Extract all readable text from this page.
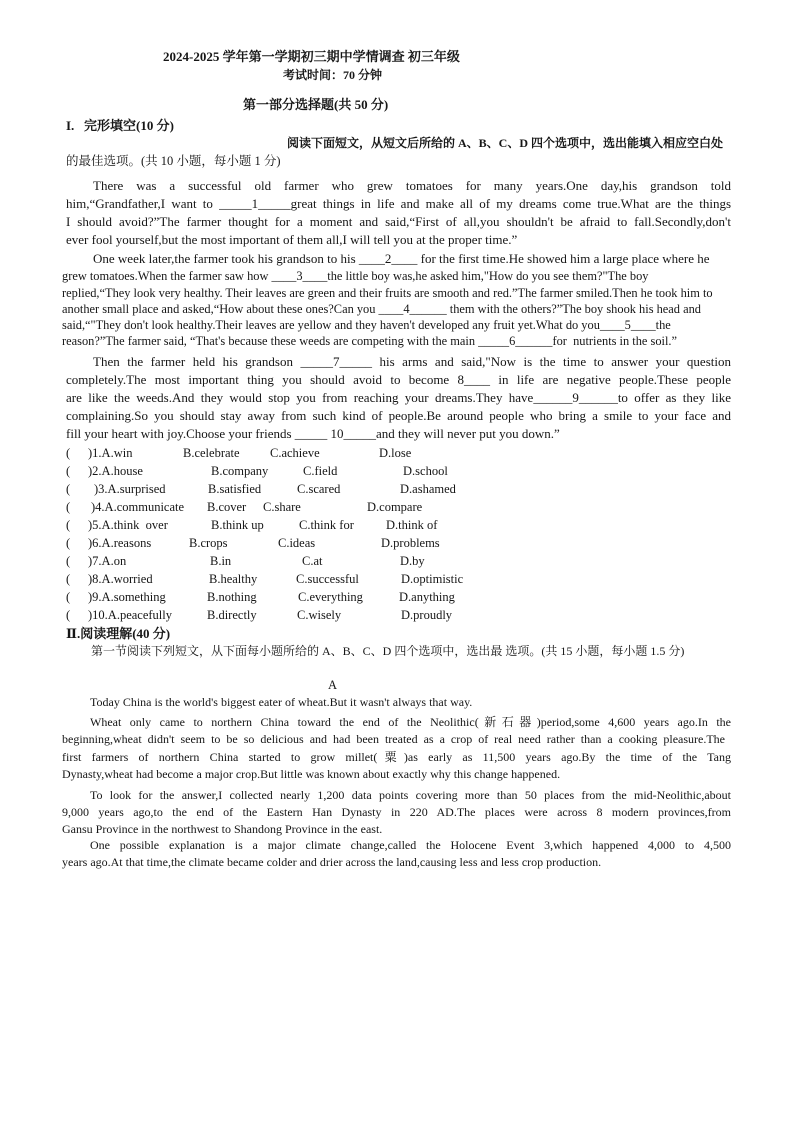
2024-2025 学年第一学期初三期中学情调查 初三年级
考试时间：70 分钟
第一部分选择题(共 50 分)
I.   完形填空(10 分)
阅读下面短文，从短文后所给的 A、B、C、D 四个选项中，选出能填入相应空白处
的最佳选项。(共 10 小题，每小题 1 分)
There was a successful old farmer who grew tomatoes for many years.One day,his grandson told
him,“Grandfather,I want to _____1_____great things in life and make all of my dreams come true.What are the things
I should avoid?”The farmer thought for a moment and said,“First of all,you shouldn't be afraid to fall.Secondly,don't
ever fool yourself,but the most important of them all,I will tell you at the proper time.”
One week later,the farmer took his grandson to his ____2____ for the first time.He showed him a large place where he
grew tomatoes.When the farmer saw how ____3____the little boy was,he asked him,"How do you see them?"The boy
replied,“They look very healthy. Their leaves are green and their fruits are smooth and red.”The farmer smiled.Then he took him to
another small place and asked,“How about these ones?Can you ____4______ them with the others?”The boy shook his head and
said,“"They don't look healthy.Their leaves are yellow and they haven't developed any fruit yet.What do you____5____the
reason?”The farmer said, “That's because these weeds are competing with the main _____6______for  nutrients in the soil.”
Then the farmer held his grandson _____7_____ his arms and said,"Now is the time to answer your question
completely.The most important thing you should avoid to become 8____ in life are negative people.These people
are like the weeds.And they would stop you from reaching your dreams.They have______9______to offer as they like
complaining.So you should stay away from such kind of people.Be around people who bring a smile to your face and
fill your heart with joy.Choose your friends _____ 10_____and they will never put you down.”
( )1.A.win	B.celebrate C.achieve	D.lose
( )2.A.house	B.company	C.field	D.school
( )3.A.surprised	B.satisfied	C.scared	D.ashamed
( )4.A.communicate B.cover C.share	D.compare
( )5.A.think  over	B.think up	C.think for	D.think of
( )6.A.reasons	B.crops	C.ideas	D.problems
( )7.A.on	B.in	C.at	D.by
( )8.A.worried	B.healthy	C.successful	D.optimistic
( )9.A.something	B.nothing	C.everything	D.anything
( )10.A.peacefully	B.directly	C.wisely	D.proudly
Ⅱ.阅读理解(40 分)
第一节阅读下列短文，从下面每小题所给的 A、B、C、D 四个选项中，选出最 选项。(共 15 小题，每小题 1.5 分)
A
Today China is the world's biggest eater of wheat.But it wasn't always that way.
Wheat only came to northern China toward the end of the Neolithic(新石器)period,some 4,600 years ago.In the
beginning,wheat didn't seem to be so delicious and had been treated as a crop of real need rather than a cooking pleasure.The
first farmers of northern China started to grow millet(粟)as early as 11,500 years ago.By the time of the Tang
Dynasty,wheat had become a major crop.But little was known about exactly why this change happened.
To look for the answer,I collected nearly 1,200 data points covering more than 50 places from the mid-Neolithic,about
9,000 years ago,to the end of the Eastern Han Dynasty in 220 AD.The places were across 8 modern provinces,from
Gansu Province in the northwest to Shandong Province in the east.
One possible explanation is a major climate change,called the Holocene Event 3,which happened 4,000 to 4,500
years ago.At that time,the climate became colder and drier across the land,causing less and less crop production.
